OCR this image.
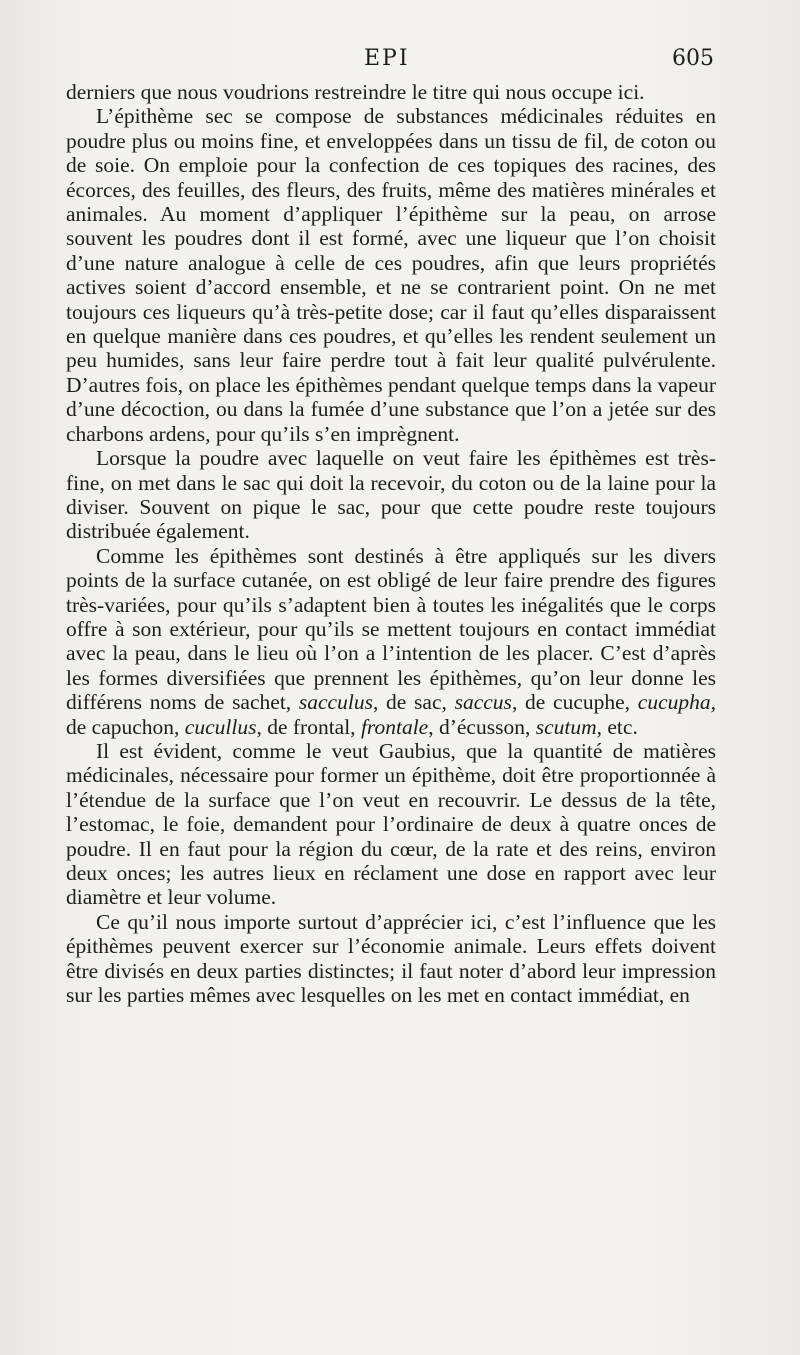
EPI	605

derniers que nous voudrions restreindre le titre qui nous occupe ici.

L’épithème sec se compose de substances médicinales réduites en poudre plus ou moins fine, et enveloppées dans un tissu de fil, de coton ou de soie. On emploie pour la confection de ces topiques des racines, des écorces, des feuilles, des fleurs, des fruits, même des matières minérales et animales. Au moment d’appliquer l’épithème sur la peau, on arrose souvent les poudres dont il est formé, avec une liqueur que l’on choisit d’une nature analogue à celle de ces poudres, afin que leurs propriétés actives soient d’accord ensemble, et ne se contrarient point. On ne met toujours ces liqueurs qu’à très-petite dose; car il faut qu’elles disparaissent en quelque manière dans ces poudres, et qu’elles les rendent seulement un peu humides, sans leur faire perdre tout à fait leur qualité pulvérulente. D’autres fois, on place les épithèmes pendant quelque temps dans la vapeur d’une décoction, ou dans la fumée d’une substance que l’on a jetée sur des charbons ardens, pour qu’ils s’en imprègnent.

Lorsque la poudre avec laquelle on veut faire les épithèmes est très-fine, on met dans le sac qui doit la recevoir, du coton ou de la laine pour la diviser. Souvent on pique le sac, pour que cette poudre reste toujours distribuée également.

Comme les épithèmes sont destinés à être appliqués sur les divers points de la surface cutanée, on est obligé de leur faire prendre des figures très-variées, pour qu’ils s’adaptent bien à toutes les inégalités que le corps offre à son extérieur, pour qu’ils se mettent toujours en contact immédiat avec la peau, dans le lieu où l’on a l’intention de les placer. C’est d’après les formes diversifiées que prennent les épithèmes, qu’on leur donne les différens noms de sachet, sacculus, de sac, saccus, de cucuphe, cucupha, de capuchon, cucullus, de frontal, frontale, d’écusson, scutum, etc.

Il est évident, comme le veut Gaubius, que la quantité de matières médicinales, nécessaire pour former un épithème, doit être proportionnée à l’étendue de la surface que l’on veut en recouvrir. Le dessus de la tête, l’estomac, le foie, demandent pour l’ordinaire de deux à quatre onces de poudre. Il en faut pour la région du cœur, de la rate et des reins, environ deux onces; les autres lieux en réclament une dose en rapport avec leur diamètre et leur volume.

Ce qu’il nous importe surtout d’apprécier ici, c’est l’influence que les épithèmes peuvent exercer sur l’économie animale. Leurs effets doivent être divisés en deux parties distinctes; il faut noter d’abord leur impression sur les parties mêmes avec lesquelles on les met en contact immédiat, en
